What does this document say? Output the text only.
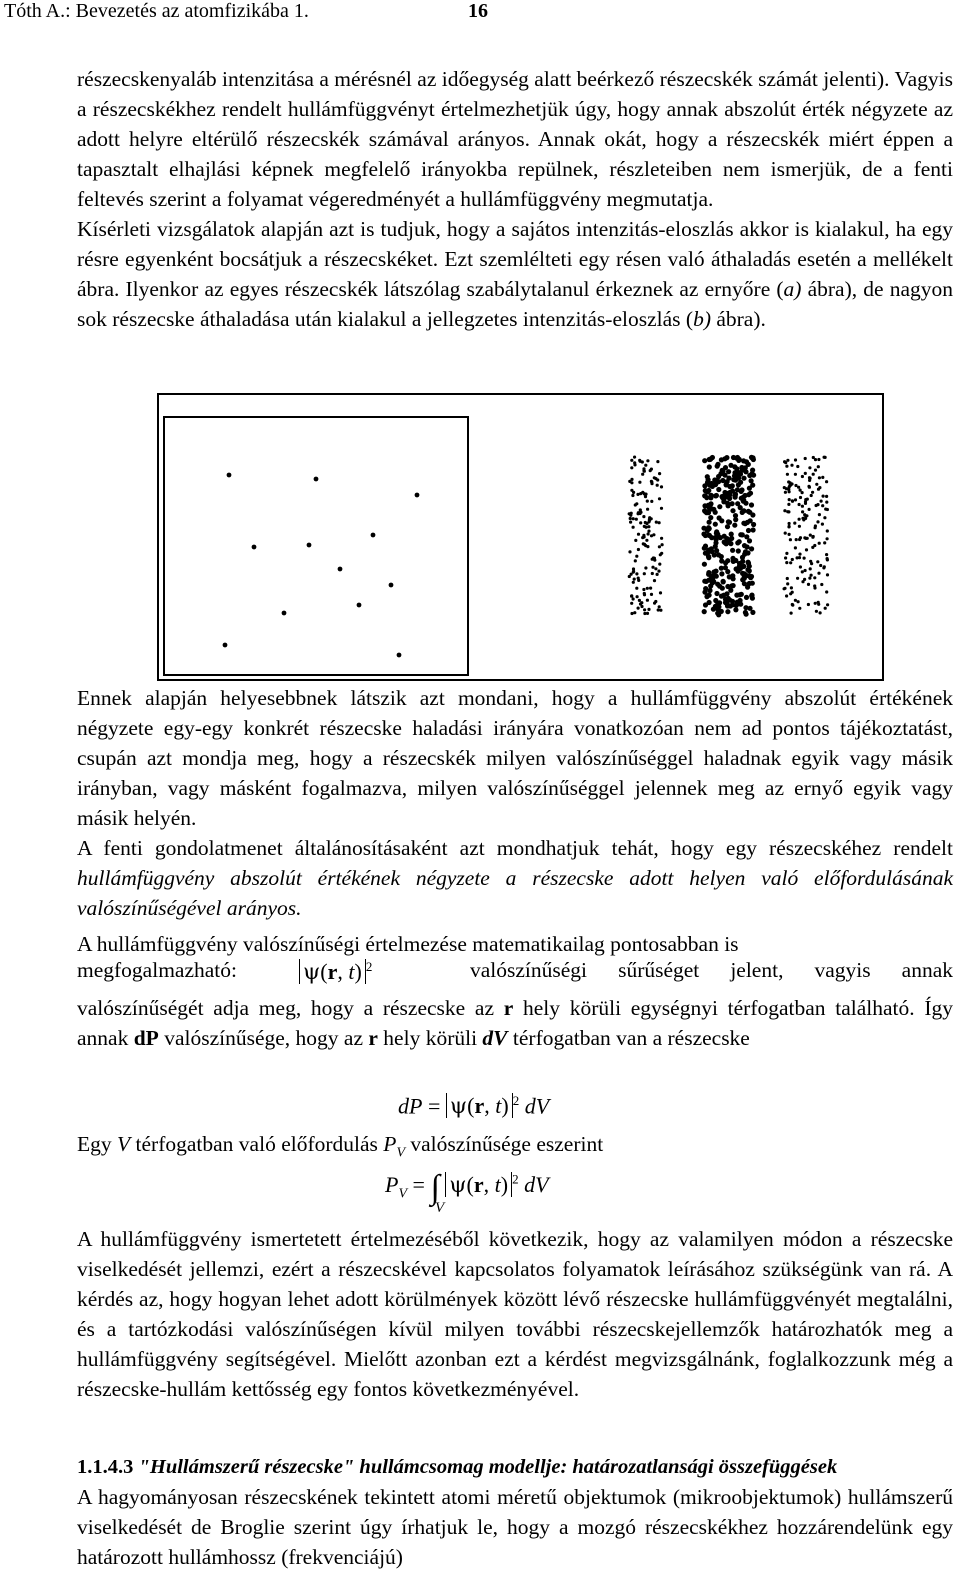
Tóth A.: Bevezetés az atomfizikába 1.	16

részecskenyaláb intenzitása a mérésnél az időegység alatt beérkező részecskék számát jelenti). Vagyis a részecskékhez rendelt hullámfüggvényt értelmezhetjük úgy, hogy annak abszolút érték négyzete az adott helyre eltérülő részecskék számával arányos. Annak okát, hogy a részecskék miért éppen a tapasztalt elhajlási képnek megfelelő irányokba repülnek, részleteiben nem ismerjük, de a fenti feltevés szerint a folyamat végeredményét a hullámfüggvény megmutatja.

Kísérleti vizsgálatok alapján azt is tudjuk, hogy a sajátos intenzitás-eloszlás akkor is kialakul, ha egy résre egyenként bocsátjuk a részecskéket. Ezt szemlélteti egy résen való áthaladás esetén a mellékelt ábra. Ilyenkor az egyes részecskék látszólag szabálytalanul érkeznek az ernyőre (a) ábra), de nagyon sok részecske áthaladása után kialakul a jellegzetes intenzitás-eloszlás (b) ábra).

Ennek alapján helyesebbnek látszik azt mondani, hogy a hullámfüggvény abszolút értékének négyzete egy-egy konkrét részecske haladási irányára vonatkozóan nem ad pontos tájékoztatást, csupán azt mondja meg, hogy a részecskék milyen valószínűséggel haladnak egyik vagy másik irányban, vagy másként fogalmazva, milyen valószínűséggel jelennek meg az ernyő egyik vagy másik helyén.

A fenti gondolatmenet általánosításaként azt mondhatjuk tehát, hogy egy részecskéhez rendelt hullámfüggvény abszolút értékének négyzete a részecske adott helyen való előfordulásának valószínűségével arányos.

A hullámfüggvény valószínűségi értelmezése matematikailag pontosabban is

megfogalmazható:	ψ(r, t) $^2$	valószínűségi sűrűséget jelent, vagyis annak

valószínűségét adja meg, hogy a részecske az r hely körüli egységnyi térfogatban található. Így annak dP valószínűsége, hogy az r hely körüli dV térfogatban van a részecske

dP = ψ(r, t) $^2$ dV

Egy V térfogatban való előfordulás $P_V$ valószínűsége eszerint

$P_V$ = ∫ ψ(r, t) $^2$ dV
V

A hullámfüggvény ismertetett értelmezéséből következik, hogy az valamilyen módon a részecske viselkedését jellemzi, ezért a részecskével kapcsolatos folyamatok leírásához szükségünk van rá. A kérdés az, hogy hogyan lehet adott körülmények között lévő részecske hullámfüggvényét megtalálni, és a tartózkodási valószínűségen kívül milyen további részecskejellemzők határozhatók meg a hullámfüggvény segítségével. Mielőtt azonban ezt a kérdést megvizsgálnánk, foglalkozzunk még a részecske-hullám kettősség egy fontos következményével.

1.1.4.3 "Hullámszerű részecske" hullámcsomag modellje: határozatlansági összefüggések

A hagyományosan részecskének tekintett atomi méretű objektumok (mikroobjektumok) hullámszerű viselkedését de Broglie szerint úgy írhatjuk le, hogy a mozgó részecskékhez hozzárendelünk egy határozott hullámhossz (frekvenciájú)
